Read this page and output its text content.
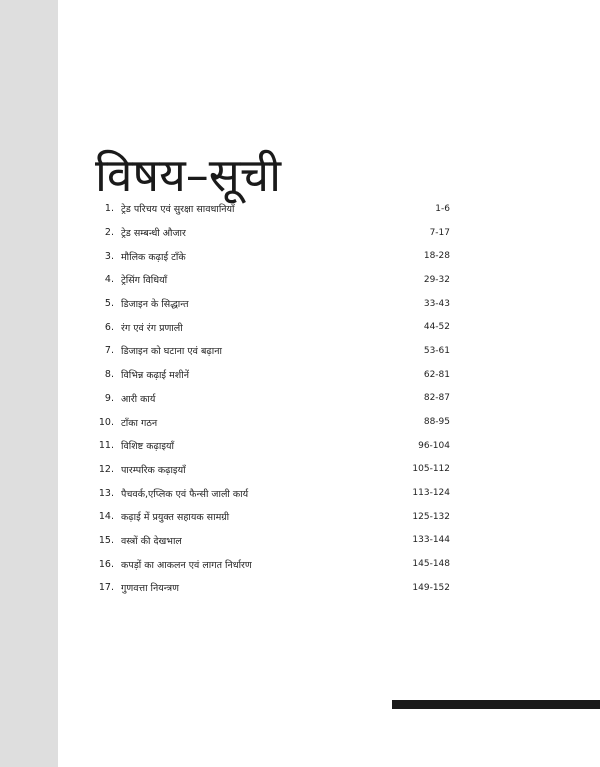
विषय–सूची
1. ट्रेड परिचय एवं सुरक्षा सावधानियाँ	1-6
2. ट्रेड सम्बन्धी औजार	7-17
3. मौलिक कढ़ाई टाँके	18-28
4. ट्रेसिंग विधियाँ	29-32
5. डिजाइन के सिद्धान्त	33-43
6. रंग एवं रंग प्रणाली	44-52
7. डिजाइन को घटाना एवं बढ़ाना	53-61
8. विभिन्न कढ़ाई मशीनें	62-81
9. आरी कार्य	82-87
10. टाँका गठन	88-95
11. विशिष्ट कढ़ाइयाँ	96-104
12. पारम्परिक कढ़ाइयाँ	105-112
13. पैचवर्क,एप्लिक एवं फैन्सी जाली कार्य	113-124
14. कढ़ाई में प्रयुक्त सहायक सामग्री	125-132
15. वस्त्रों की देखभाल	133-144
16. कपड़ों का आकलन एवं लागत निर्धारण	145-148
17. गुणवत्ता नियन्त्रण	149-152
